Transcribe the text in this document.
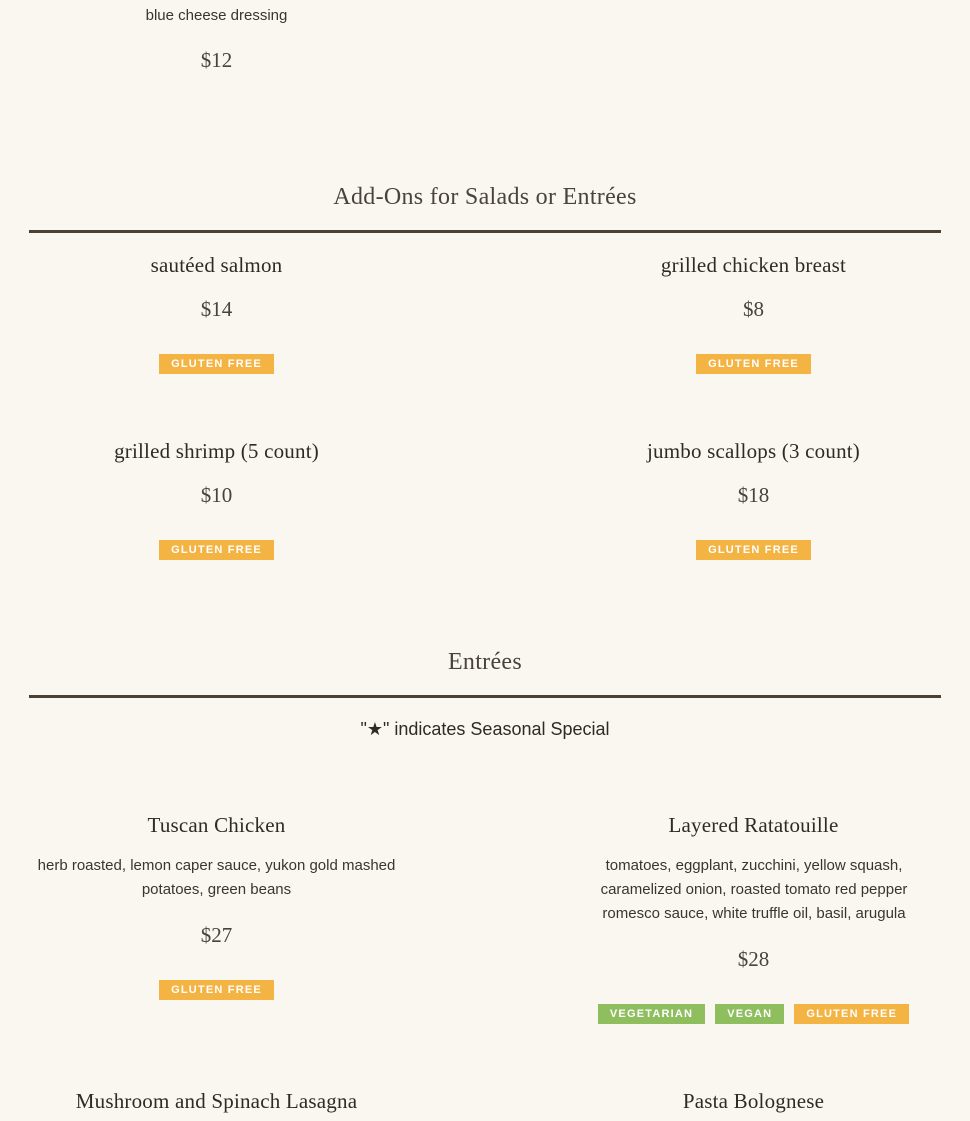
blue cheese dressing
$12
Add-Ons for Salads or Entrées
sautéed salmon
$14
GLUTEN FREE
grilled chicken breast
$8
GLUTEN FREE
grilled shrimp (5 count)
$10
GLUTEN FREE
jumbo scallops (3 count)
$18
GLUTEN FREE
Entrées
"★" indicates Seasonal Special
Tuscan Chicken
herb roasted, lemon caper sauce, yukon gold mashed potatoes, green beans
$27
GLUTEN FREE
Layered Ratatouille
tomatoes, eggplant, zucchini, yellow squash, caramelized onion, roasted tomato red pepper romesco sauce, white truffle oil, basil, arugula
$28
VEGETARIAN	VEGAN	GLUTEN FREE
Mushroom and Spinach Lasagna	Pasta Bolognese
